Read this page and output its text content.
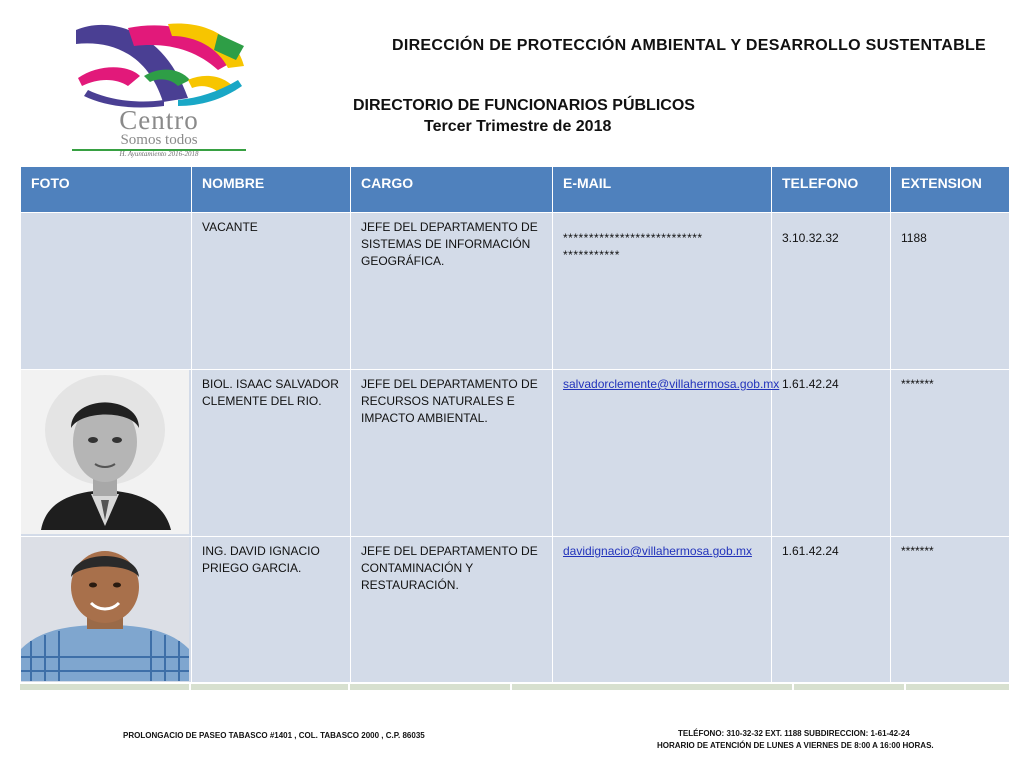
Centro
Somos todos
H. Ayuntamiento 2016-2018
DIRECCIÓN DE PROTECCIÓN AMBIENTAL Y DESARROLLO SUSTENTABLE
DIRECTORIO DE FUNCIONARIOS PÚBLICOS
Tercer Trimestre de 2018
FOTO	NOMBRE	CARGO	E-MAIL	TELEFONO	EXTENSION
	VACANTE	JEFE DEL DEPARTAMENTO DE SISTEMAS DE INFORMACIÓN GEOGRÁFICA.	*************************** ***********	3.10.32.32	1188

	BIOL. ISAAC SALVADOR CLEMENTE DEL RIO.	JEFE DEL DEPARTAMENTO DE RECURSOS NATURALES E IMPACTO AMBIENTAL.	salvadorclemente@villahermosa.gob.mx	1.61.42.24	*******

	ING. DAVID IGNACIO PRIEGO GARCIA.	JEFE DEL DEPARTAMENTO DE CONTAMINACIÓN Y RESTAURACIÓN.	davidignacio@villahermosa.gob.mx	1.61.42.24	*******
PROLONGACIO DE PASEO TABASCO #1401 , COL. TABASCO 2000 , C.P. 86035	TELÉFONO: 310-32-32 EXT. 1188 SUBDIRECCION: 1-61-42-24
HORARIO DE ATENCIÓN DE LUNES A VIERNES DE 8:00 A 16:00 HORAS.
